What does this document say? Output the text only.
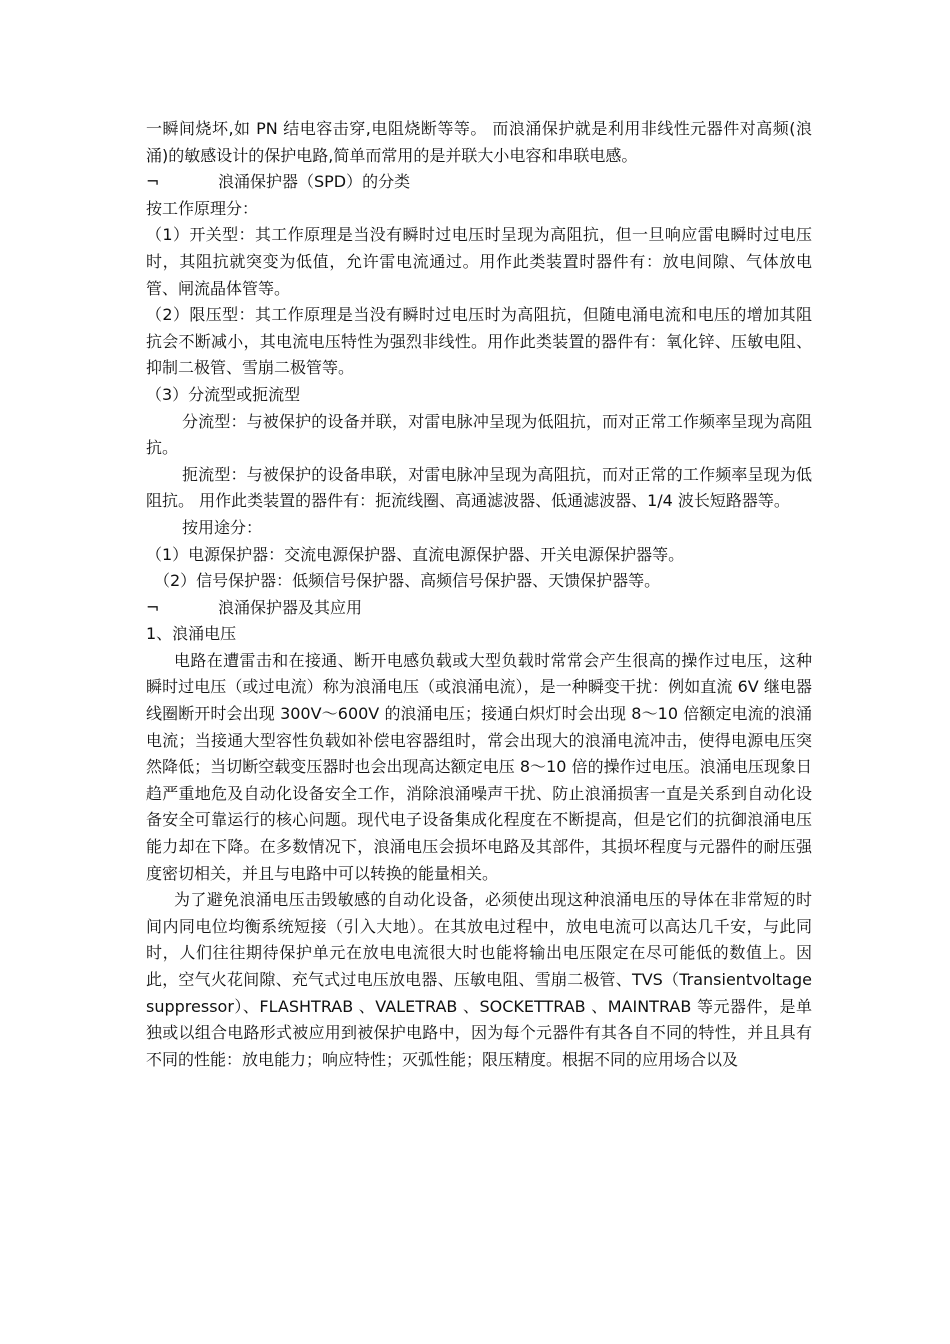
一瞬间烧坏,如 PN 结电容击穿,电阻烧断等等。 而浪涌保护就是利用非线性元器件对高频(浪涌)的敏感设计的保护电路,简单而常用的是并联大小电容和串联电感。

¬	浪涌保护器（SPD）的分类

按工作原理分：

（1）开关型：其工作原理是当没有瞬时过电压时呈现为高阻抗，但一旦响应雷电瞬时过电压时，其阻抗就突变为低值，允许雷电流通过。用作此类装置时器件有：放电间隙、气体放电管、闸流晶体管等。

（2）限压型：其工作原理是当没有瞬时过电压时为高阻抗，但随电涌电流和电压的增加其阻抗会不断减小，其电流电压特性为强烈非线性。用作此类装置的器件有：氧化锌、压敏电阻、抑制二极管、雪崩二极管等。

（3）分流型或扼流型

分流型：与被保护的设备并联，对雷电脉冲呈现为低阻抗，而对正常工作频率呈现为高阻抗。

扼流型：与被保护的设备串联，对雷电脉冲呈现为高阻抗，而对正常的工作频率呈现为低阻抗。 用作此类装置的器件有：扼流线圈、高通滤波器、低通滤波器、1/4 波长短路器等。

按用途分：

（1）电源保护器：交流电源保护器、直流电源保护器、开关电源保护器等。

（2）信号保护器：低频信号保护器、高频信号保护器、天馈保护器等。

¬	浪涌保护器及其应用

1、浪涌电压

电路在遭雷击和在接通、断开电感负载或大型负载时常常会产生很高的操作过电压，这种瞬时过电压（或过电流）称为浪涌电压（或浪涌电流），是一种瞬变干扰：例如直流 6V 继电器线圈断开时会出现 300V～600V 的浪涌电压；接通白炽灯时会出现 8～10 倍额定电流的浪涌电流；当接通大型容性负载如补偿电容器组时，常会出现大的浪涌电流冲击，使得电源电压突然降低；当切断空载变压器时也会出现高达额定电压 8～10 倍的操作过电压。浪涌电压现象日趋严重地危及自动化设备安全工作，消除浪涌噪声干扰、防止浪涌损害一直是关系到自动化设备安全可靠运行的核心问题。现代电子设备集成化程度在不断提高，但是它们的抗御浪涌电压能力却在下降。在多数情况下，浪涌电压会损坏电路及其部件，其损坏程度与元器件的耐压强度密切相关，并且与电路中可以转换的能量相关。

为了避免浪涌电压击毁敏感的自动化设备，必须使出现这种浪涌电压的导体在非常短的时间内同电位均衡系统短接（引入大地）。在其放电过程中，放电电流可以高达几千安，与此同时，人们往往期待保护单元在放电电流很大时也能将输出电压限定在尽可能低的数值上。因此，空气火花间隙、充气式过电压放电器、压敏电阻、雪崩二极管、TVS（Transientvoltagesuppressor）、FLASHTRAB 、VALETRAB 、SOCKETTRAB 、MAINTRAB 等元器件，是单独或以组合电路形式被应用到被保护电路中，因为每个元器件有其各自不同的特性，并且具有不同的性能：放电能力；响应特性；灭弧性能；限压精度。根据不同的应用场合以及
